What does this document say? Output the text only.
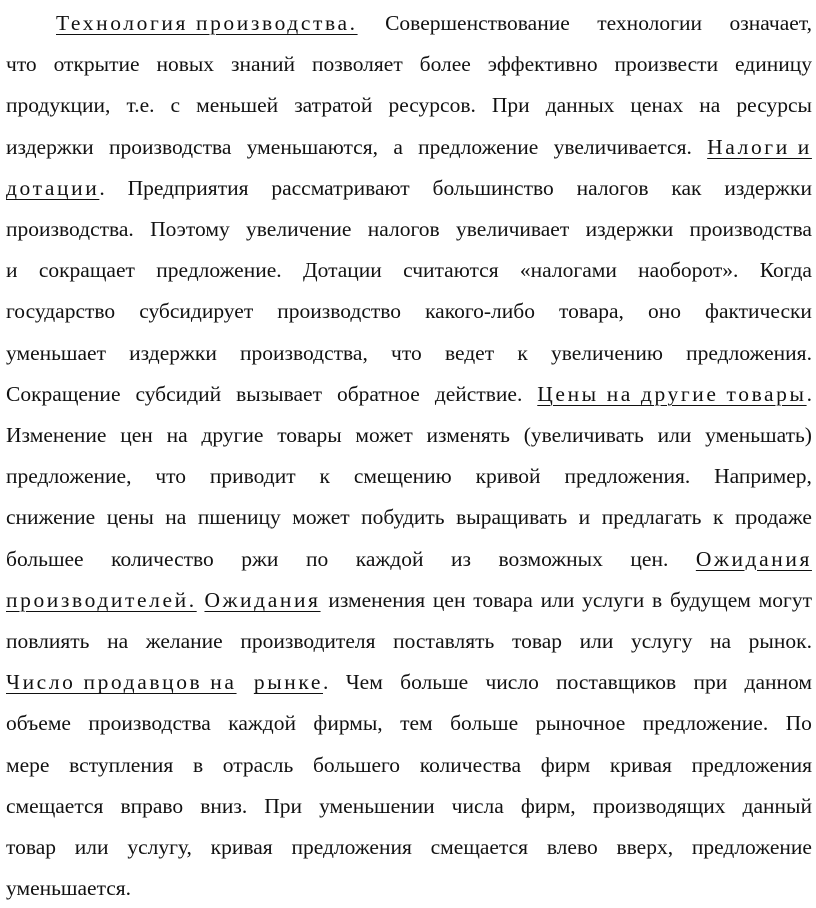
Технология производства. Совершенствование технологии означает,
что открытие новых знаний позволяет более эффективно произвести единицу
продукции, т.е. с меньшей затратой ресурсов. При данных ценах на ресурсы
издержки производства уменьшаются, а предложение увеличивается. Налоги и
дотации. Предприятия рассматривают большинство налогов как издержки
производства. Поэтому увеличение налогов увеличивает издержки производства
и сокращает предложение. Дотации считаются «налогами наоборот». Когда
государство субсидирует производство какого-либо товара, оно фактически
уменьшает издержки производства, что ведет к увеличению предложения.
Сокращение субсидий вызывает обратное действие. Цены на другие товары.
Изменение цен на другие товары может изменять (увеличивать или уменьшать)
предложение, что приводит к смещению кривой предложения. Например,
снижение цены на пшеницу может побудить выращивать и предлагать к продаже
большее количество ржи по каждой из возможных цен. Ожидания
производителей. Ожидания изменения цен товара или услуги в будущем могут
повлиять на желание производителя поставлять товар или услугу на рынок.
Число продавцов на рынке. Чем больше число поставщиков при данном
объеме производства каждой фирмы, тем больше рыночное предложение. По
мере вступления в отрасль большего количества фирм кривая предложения
смещается вправо вниз. При уменьшении числа фирм, производящих данный
товар или услугу, кривая предложения смещается влево вверх, предложение
уменьшается.
